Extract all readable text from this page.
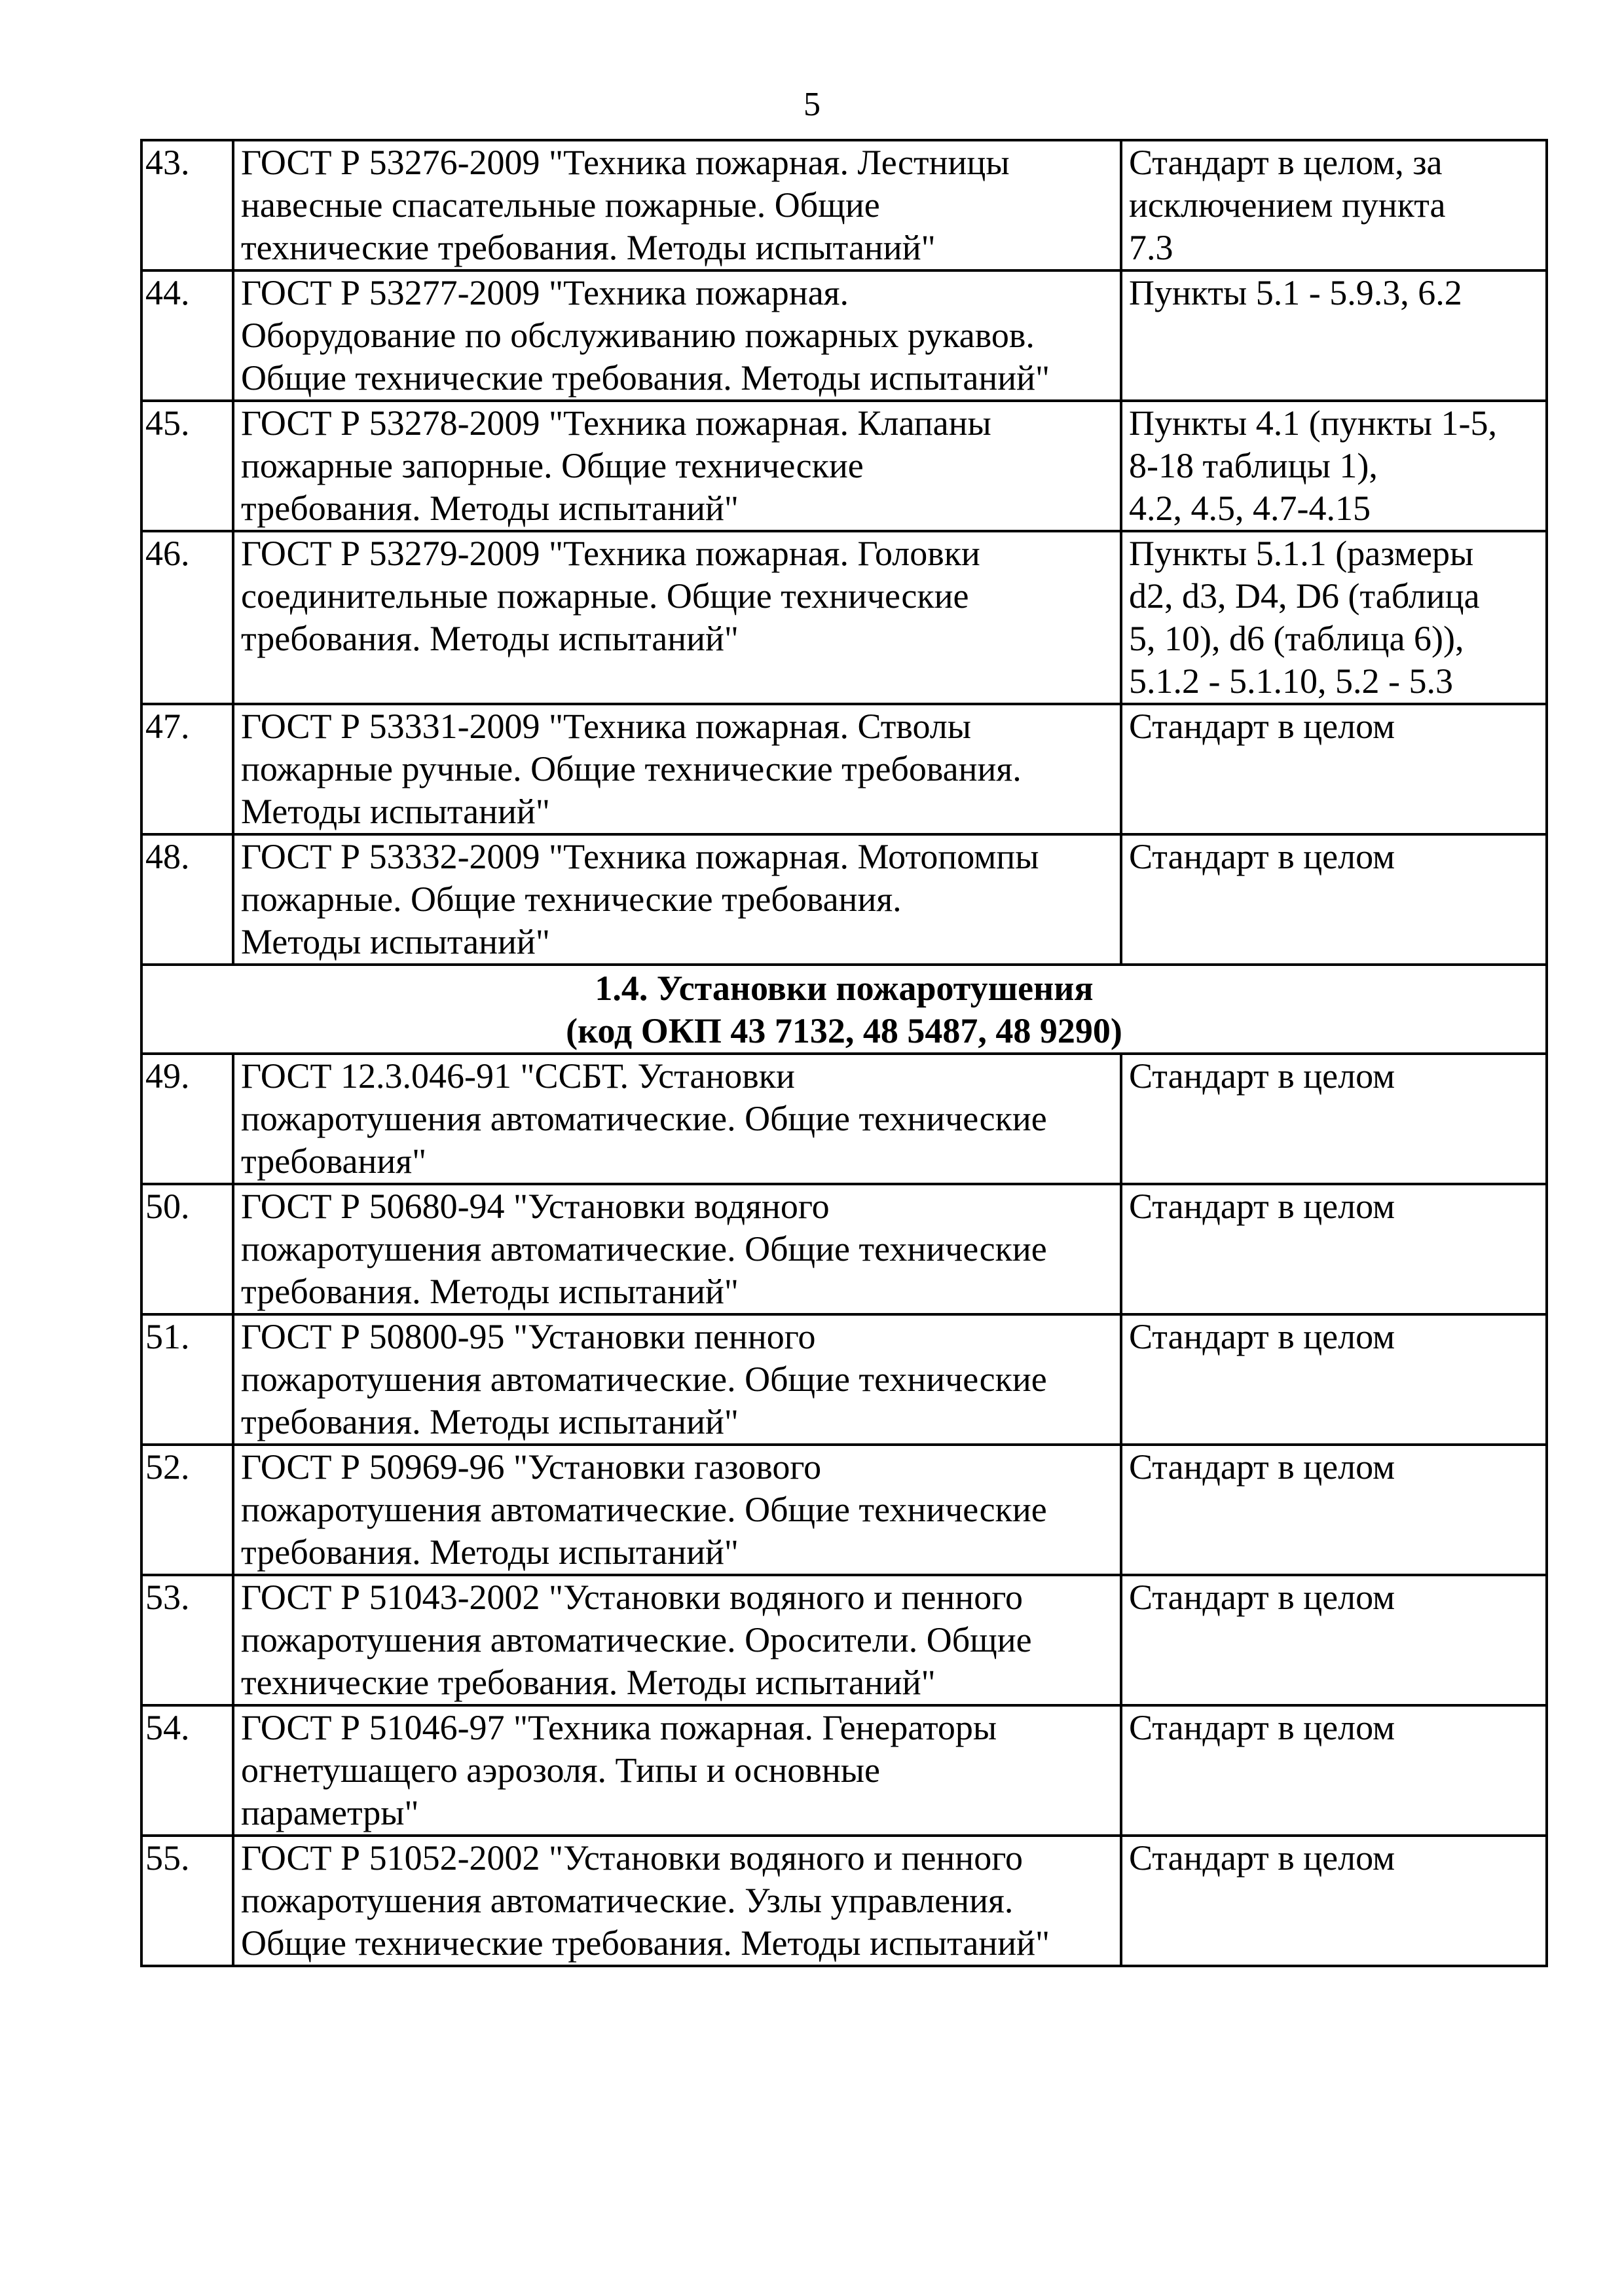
5
43.	ГОСТ Р 53276-2009 "Техника пожарная. Лестницы
навесные спасательные пожарные. Общие
технические требования. Методы испытаний"	Стандарт в целом, за
исключением пункта
7.3

44.	ГОСТ Р 53277-2009 "Техника пожарная.
Оборудование по обслуживанию пожарных рукавов.
Общие технические требования. Методы испытаний"	Пункты 5.1 - 5.9.3, 6.2

45.	ГОСТ Р 53278-2009 "Техника пожарная. Клапаны
пожарные запорные. Общие технические
требования. Методы испытаний"	Пункты 4.1 (пункты 1-5,
8-18 таблицы 1),
4.2, 4.5, 4.7-4.15

46.	ГОСТ Р 53279-2009 "Техника пожарная. Головки
соединительные пожарные. Общие технические
требования. Методы испытаний"	Пункты 5.1.1 (размеры
d2, d3, D4, D6 (таблица
5, 10), d6 (таблица 6)),
5.1.2 - 5.1.10, 5.2 - 5.3

47.	ГОСТ Р 53331-2009 "Техника пожарная. Стволы
пожарные ручные. Общие технические требования.
Методы испытаний"	Стандарт в целом

48.	ГОСТ Р 53332-2009 "Техника пожарная. Мотопомпы
пожарные. Общие технические требования.
Методы испытаний"	Стандарт в целом

1.4. Установки пожаротушения
(код ОКП 43 7132, 48 5487, 48 9290)		

49.	ГОСТ 12.3.046-91 "ССБТ. Установки
пожаротушения автоматические. Общие технические
требования"	Стандарт в целом

50.	ГОСТ Р 50680-94 "Установки водяного
пожаротушения автоматические. Общие технические
требования. Методы испытаний"	Стандарт в целом

51.	ГОСТ Р 50800-95 "Установки пенного
пожаротушения автоматические. Общие технические
требования. Методы испытаний"	Стандарт в целом

52.	ГОСТ Р 50969-96 "Установки газового
пожаротушения автоматические. Общие технические
требования. Методы испытаний"	Стандарт в целом

53.	ГОСТ Р 51043-2002 "Установки водяного и пенного
пожаротушения автоматические. Оросители. Общие
технические требования. Методы испытаний"	Стандарт в целом

54.	ГОСТ Р 51046-97 "Техника пожарная. Генераторы
огнетушащего аэрозоля. Типы и основные
параметры"	Стандарт в целом

55.	ГОСТ Р 51052-2002 "Установки водяного и пенного
пожаротушения автоматические. Узлы управления.
Общие технические требования. Методы испытаний"	Стандарт в целом
